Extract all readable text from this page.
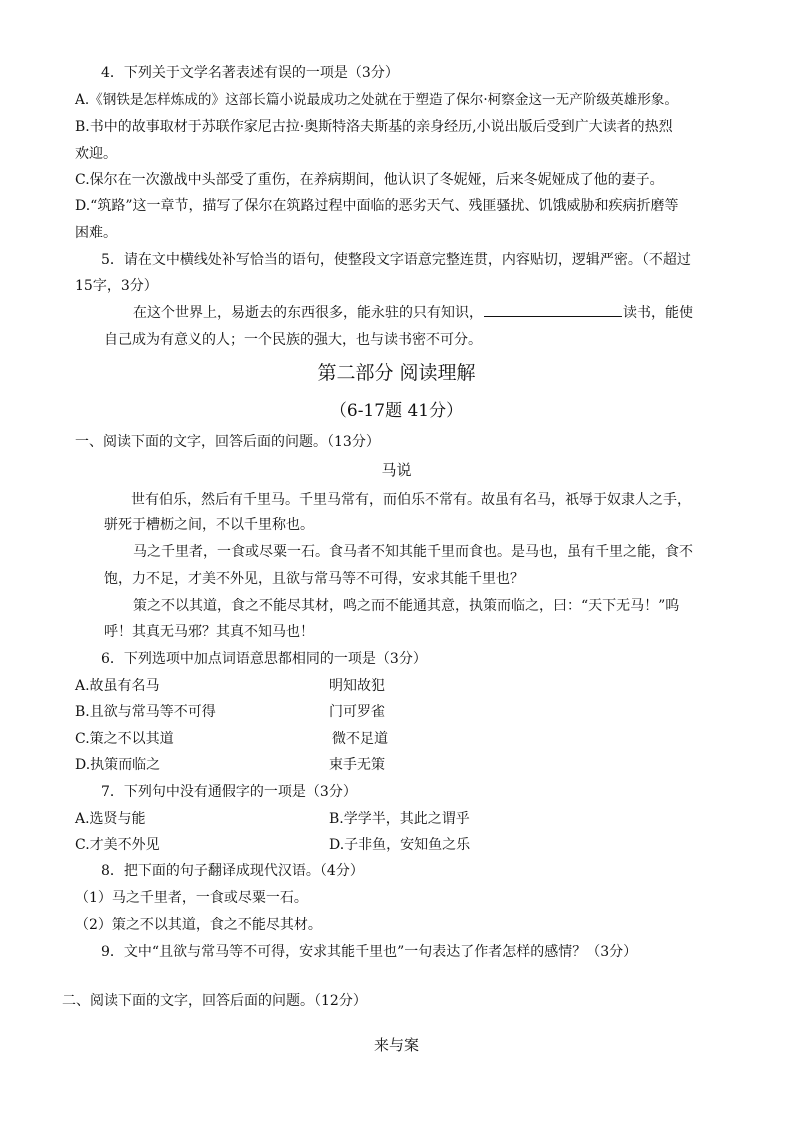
4．下列关于文学名著表述有误的一项是（3分）
A.《钢铁是怎样炼成的》这部长篇小说最成功之处就在于塑造了保尔·柯察金这一无产阶级英雄形象。
B.书中的故事取材于苏联作家尼古拉·奥斯特洛夫斯基的亲身经历,小说出版后受到广大读者的热烈
欢迎。
C.保尔在一次激战中头部受了重伤，在养病期间，他认识了冬妮娅，后来冬妮娅成了他的妻子。
D.“筑路”这一章节，描写了保尔在筑路过程中面临的恶劣天气、残匪骚扰、饥饿威胁和疾病折磨等
困难。
5．请在文中横线处补写恰当的语句，使整段文字语意完整连贯，内容贴切，逻辑严密。（不超过
15字，3分）
在这个世界上，易逝去的东西很多，能永驻的只有知识，	读书，能使
自己成为有意义的人；一个民族的强大，也与读书密不可分。
第二部分 阅读理解
（6-17题 41分）
一、阅读下面的文字，回答后面的问题。（13分）
马说
世有伯乐，然后有千里马。千里马常有，而伯乐不常有。故虽有名马，祇辱于奴隶人之手，
骈死于槽枥之间，不以千里称也。
马之千里者，一食或尽粟一石。食马者不知其能千里而食也。是马也，虽有千里之能，食不
饱，力不足，才美不外见，且欲与常马等不可得，安求其能千里也？
策之不以其道，食之不能尽其材，鸣之而不能通其意，执策而临之，曰：“天下无马！”呜
呼！其真无马邪？其真不知马也！
6．下列选项中加点词语意思都相同的一项是（3分）
A.故虽有名马	明知故犯
B.且欲与常马等不可得	门可罗雀
C.策之不以其道	微不足道
D.执策而临之	束手无策
7．下列句中没有通假字的一项是（3分）
A.选贤与能	B.学学半，其此之谓乎
C.才美不外见	D.子非鱼，安知鱼之乐
8．把下面的句子翻译成现代汉语。（4分）
（1）马之千里者，一食或尽粟一石。
（2）策之不以其道，食之不能尽其材。
9．文中“且欲与常马等不可得，安求其能千里也”一句表达了作者怎样的感情？（3分）
二、阅读下面的文字，回答后面的问题。（12分）
来与案
